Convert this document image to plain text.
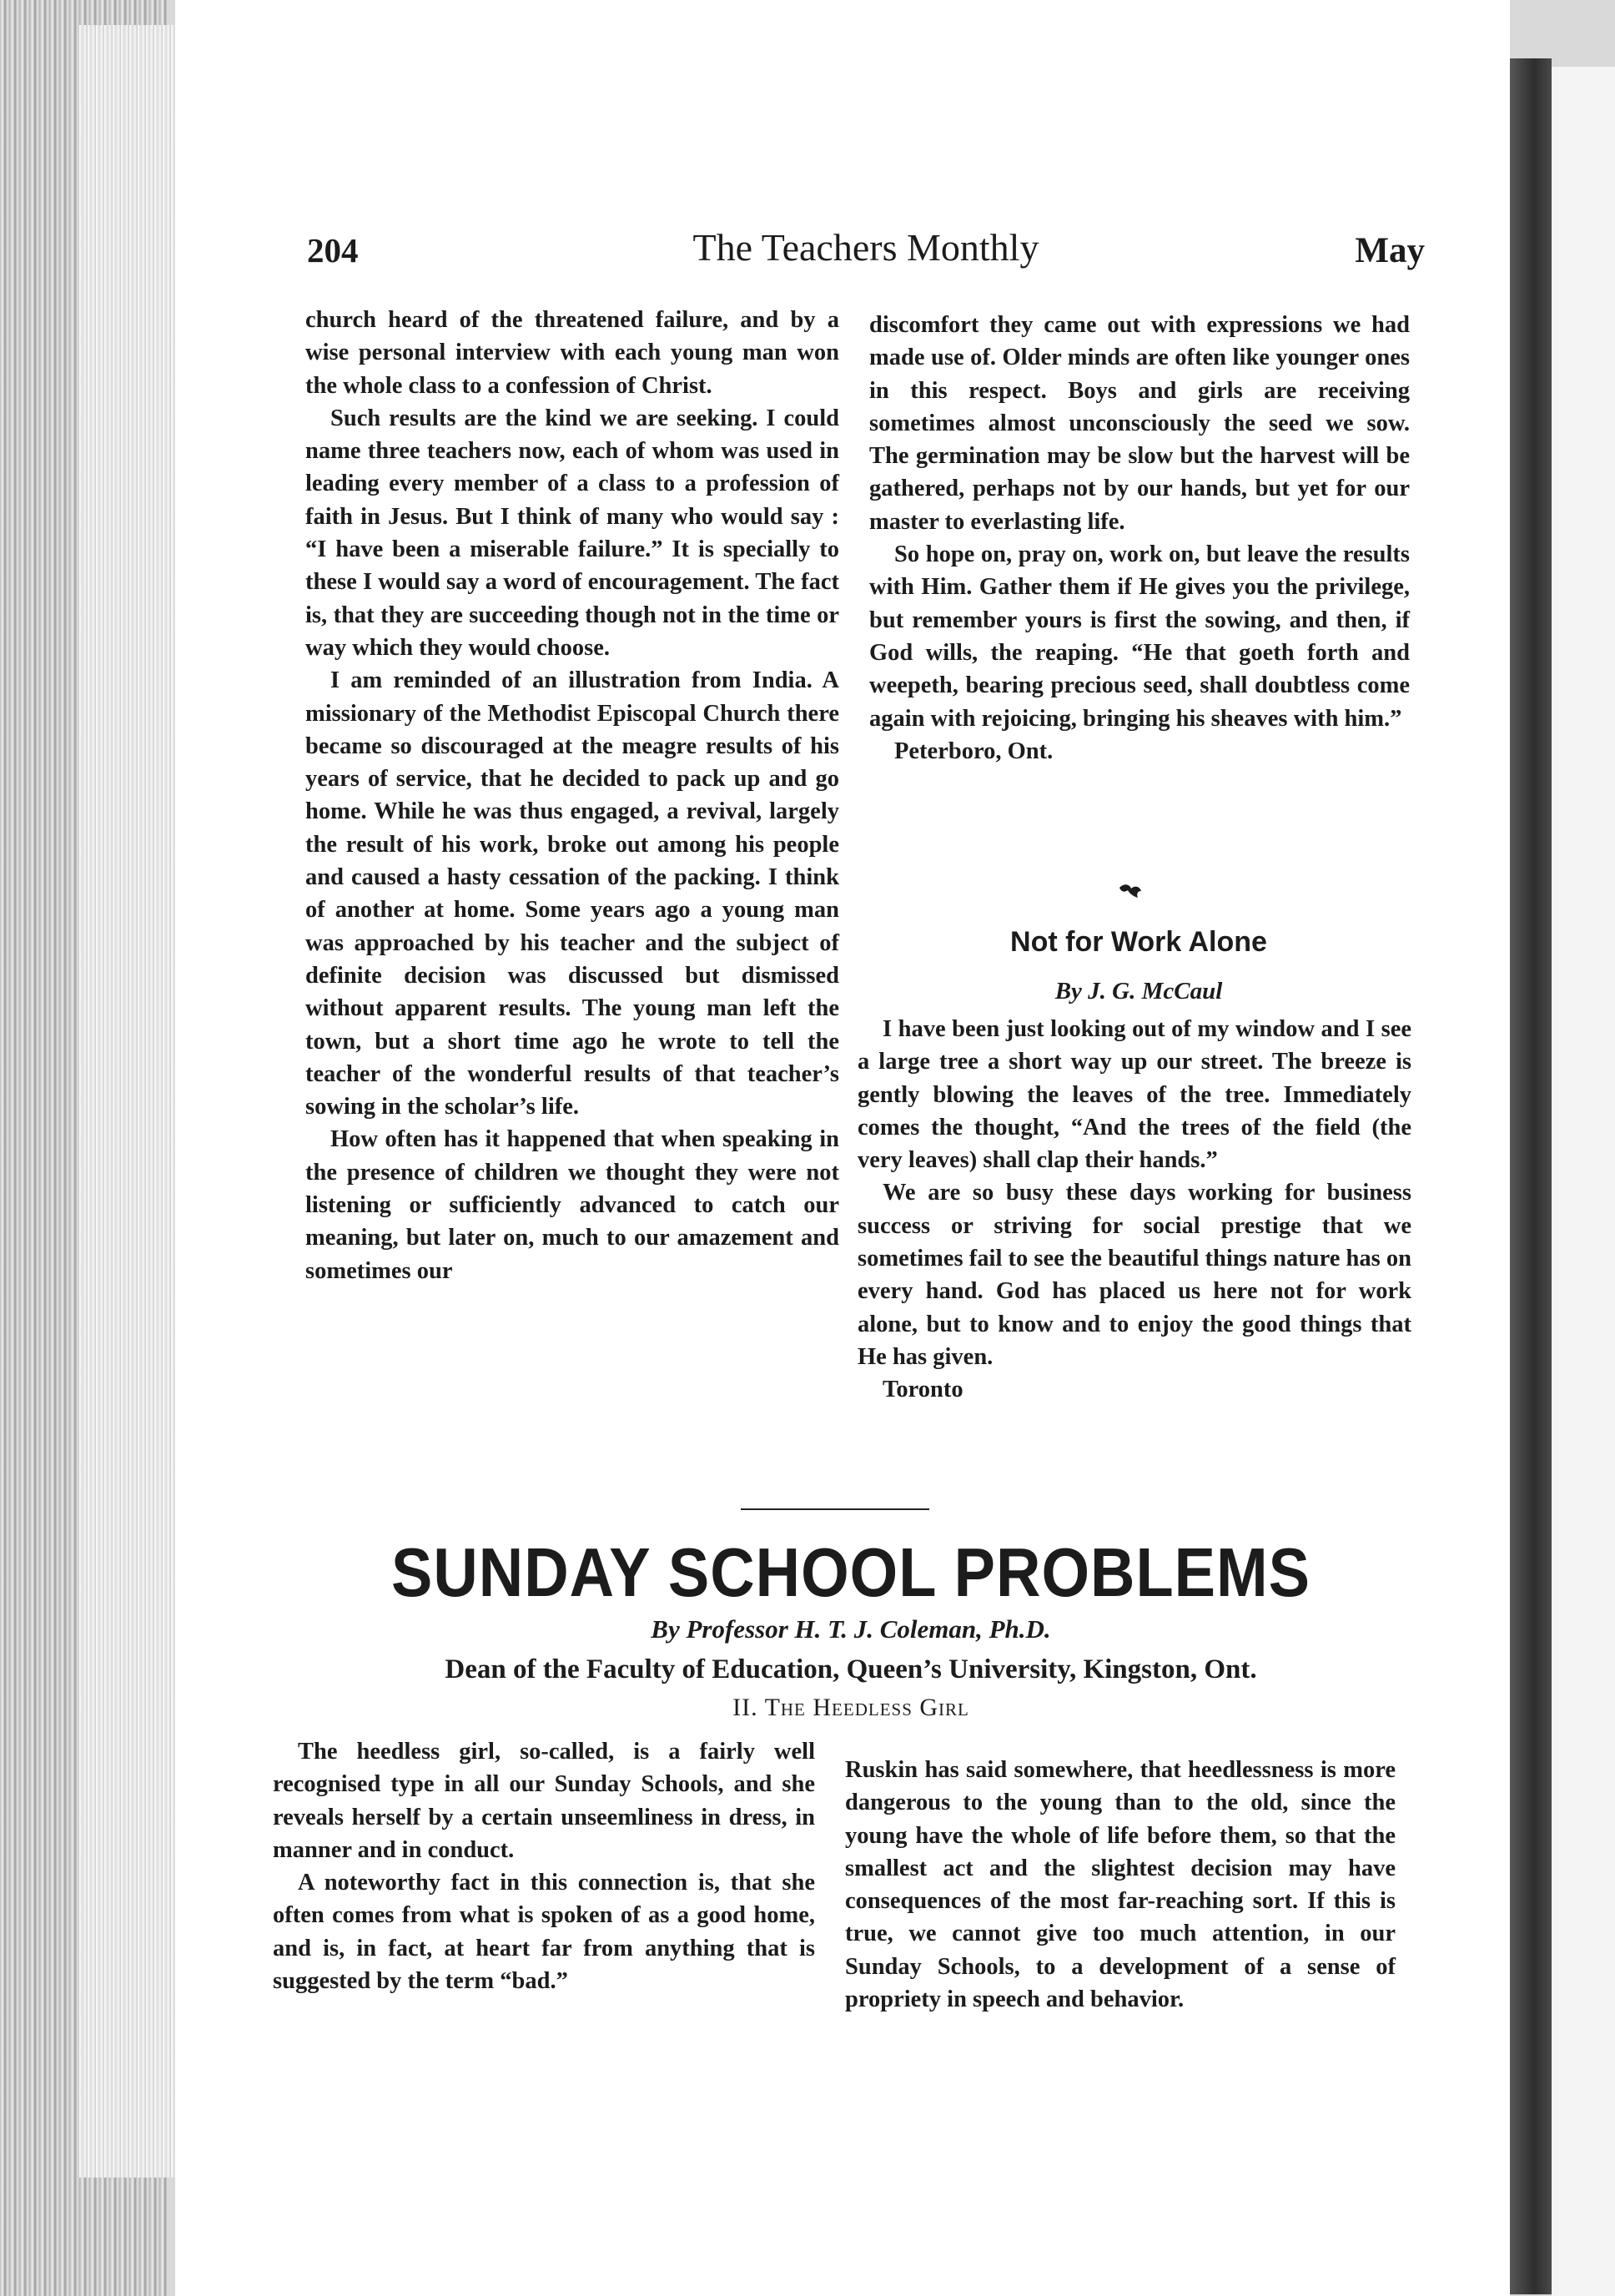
204	The Teachers Monthly	May

church heard of the threatened failure, and by a wise personal interview with each young man won the whole class to a confession of Christ.

Such results are the kind we are seeking. I could name three teachers now, each of whom was used in leading every member of a class to a profession of faith in Jesus. But I think of many who would say : “I have been a miserable failure.” It is specially to these I would say a word of encouragement. The fact is, that they are succeeding though not in the time or way which they would choose.

I am reminded of an illustration from India. A missionary of the Methodist Episcopal Church there became so discouraged at the meagre results of his years of service, that he decided to pack up and go home. While he was thus engaged, a revival, largely the result of his work, broke out among his people and caused a hasty cessation of the packing. I think of another at home. Some years ago a young man was approached by his teacher and the subject of definite decision was discussed but dismissed without apparent results. The young man left the town, but a short time ago he wrote to tell the teacher of the wonderful results of that teacher’s sowing in the scholar’s life.

How often has it happened that when speaking in the presence of children we thought they were not listening or sufficiently advanced to catch our meaning, but later on, much to our amazement and sometimes our

discomfort they came out with expressions we had made use of. Older minds are often like younger ones in this respect. Boys and girls are receiving sometimes almost unconsciously the seed we sow. The germination may be slow but the harvest will be gathered, perhaps not by our hands, but yet for our master to everlasting life.

So hope on, pray on, work on, but leave the results with Him. Gather them if He gives you the privilege, but remember yours is first the sowing, and then, if God wills, the reaping. “He that goeth forth and weepeth, bearing precious seed, shall doubtless come again with rejoicing, bringing his sheaves with him.”

Peterboro, Ont.

Not for Work Alone
By J. G. McCaul

I have been just looking out of my window and I see a large tree a short way up our street. The breeze is gently blowing the leaves of the tree. Immediately comes the thought, “And the trees of the field (the very leaves) shall clap their hands.”

We are so busy these days working for business success or striving for social prestige that we sometimes fail to see the beautiful things nature has on every hand. God has placed us here not for work alone, but to know and to enjoy the good things that He has given.

Toronto

SUNDAY SCHOOL PROBLEMS
By Professor H. T. J. Coleman, Ph.D.
Dean of the Faculty of Education, Queen’s University, Kingston, Ont.
II. The Heedless Girl

The heedless girl, so-called, is a fairly well recognised type in all our Sunday Schools, and she reveals herself by a certain unseemliness in dress, in manner and in conduct.

A noteworthy fact in this connection is, that she often comes from what is spoken of as a good home, and is, in fact, at heart far from anything that is suggested by the term “bad.”

Ruskin has said somewhere, that heedlessness is more dangerous to the young than to the old, since the young have the whole of life before them, so that the smallest act and the slightest decision may have consequences of the most far-reaching sort. If this is true, we cannot give too much attention, in our Sunday Schools, to a development of a sense of propriety in speech and behavior.
